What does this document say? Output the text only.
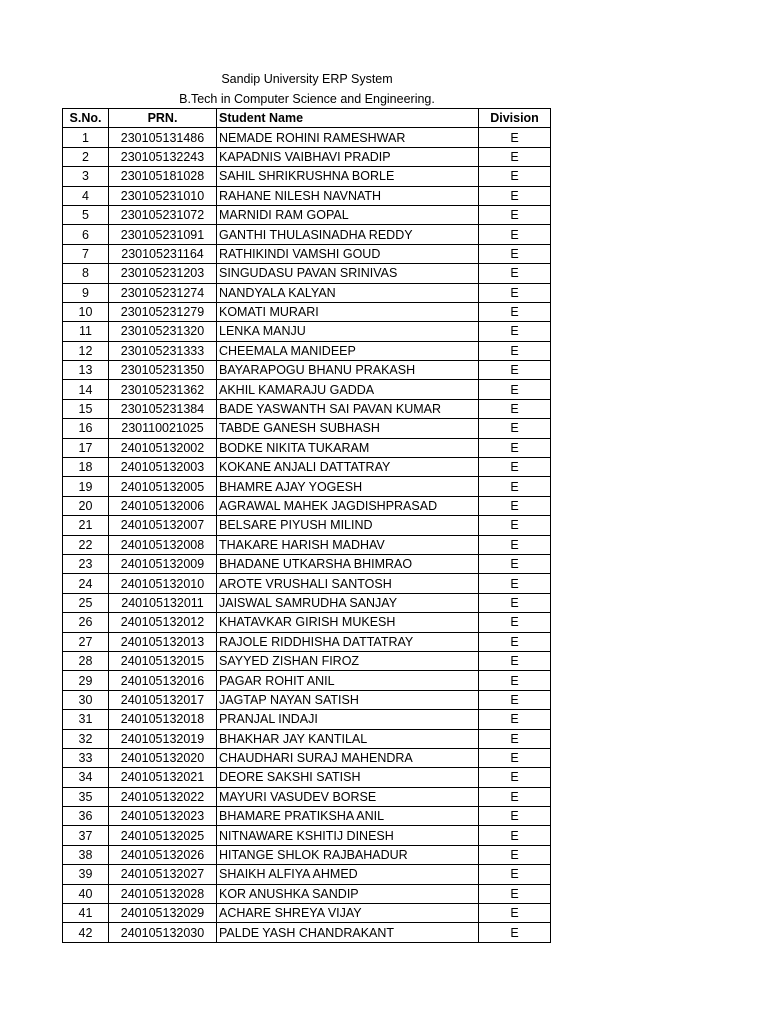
Sandip University ERP System
B.Tech in Computer Science and Engineering.
S.No.	PRN.	Student Name	Division
1	230105131486	NEMADE ROHINI RAMESHWAR	E
2	230105132243	KAPADNIS VAIBHAVI PRADIP	E
3	230105181028	SAHIL SHRIKRUSHNA BORLE	E
4	230105231010	RAHANE NILESH NAVNATH	E
5	230105231072	MARNIDI RAM GOPAL	E
6	230105231091	GANTHI THULASINADHA REDDY	E
7	230105231164	RATHIKINDI VAMSHI GOUD	E
8	230105231203	SINGUDASU PAVAN SRINIVAS	E
9	230105231274	NANDYALA KALYAN	E
10	230105231279	KOMATI MURARI	E
11	230105231320	LENKA MANJU	E
12	230105231333	CHEEMALA MANIDEEP	E
13	230105231350	BAYARAPOGU BHANU PRAKASH	E
14	230105231362	AKHIL KAMARAJU GADDA	E
15	230105231384	BADE YASWANTH SAI PAVAN KUMAR	E
16	230110021025	TABDE GANESH SUBHASH	E
17	240105132002	BODKE NIKITA TUKARAM	E
18	240105132003	KOKANE ANJALI DATTATRAY	E
19	240105132005	BHAMRE AJAY YOGESH	E
20	240105132006	AGRAWAL MAHEK JAGDISHPRASAD	E
21	240105132007	BELSARE PIYUSH MILIND	E
22	240105132008	THAKARE HARISH MADHAV	E
23	240105132009	BHADANE UTKARSHA BHIMRAO	E
24	240105132010	AROTE VRUSHALI SANTOSH	E
25	240105132011	JAISWAL SAMRUDHA SANJAY	E
26	240105132012	KHATAVKAR GIRISH MUKESH	E
27	240105132013	RAJOLE RIDDHISHA DATTATRAY	E
28	240105132015	SAYYED ZISHAN FIROZ	E
29	240105132016	PAGAR ROHIT ANIL	E
30	240105132017	JAGTAP NAYAN SATISH	E
31	240105132018	PRANJAL INDAJI	E
32	240105132019	BHAKHAR JAY KANTILAL	E
33	240105132020	CHAUDHARI SURAJ MAHENDRA	E
34	240105132021	DEORE SAKSHI SATISH	E
35	240105132022	MAYURI VASUDEV BORSE	E
36	240105132023	BHAMARE PRATIKSHA ANIL	E
37	240105132025	NITNAWARE KSHITIJ DINESH	E
38	240105132026	HITANGE SHLOK RAJBAHADUR	E
39	240105132027	SHAIKH ALFIYA AHMED	E
40	240105132028	KOR ANUSHKA SANDIP	E
41	240105132029	ACHARE SHREYA VIJAY	E
42	240105132030	PALDE YASH CHANDRAKANT	E
